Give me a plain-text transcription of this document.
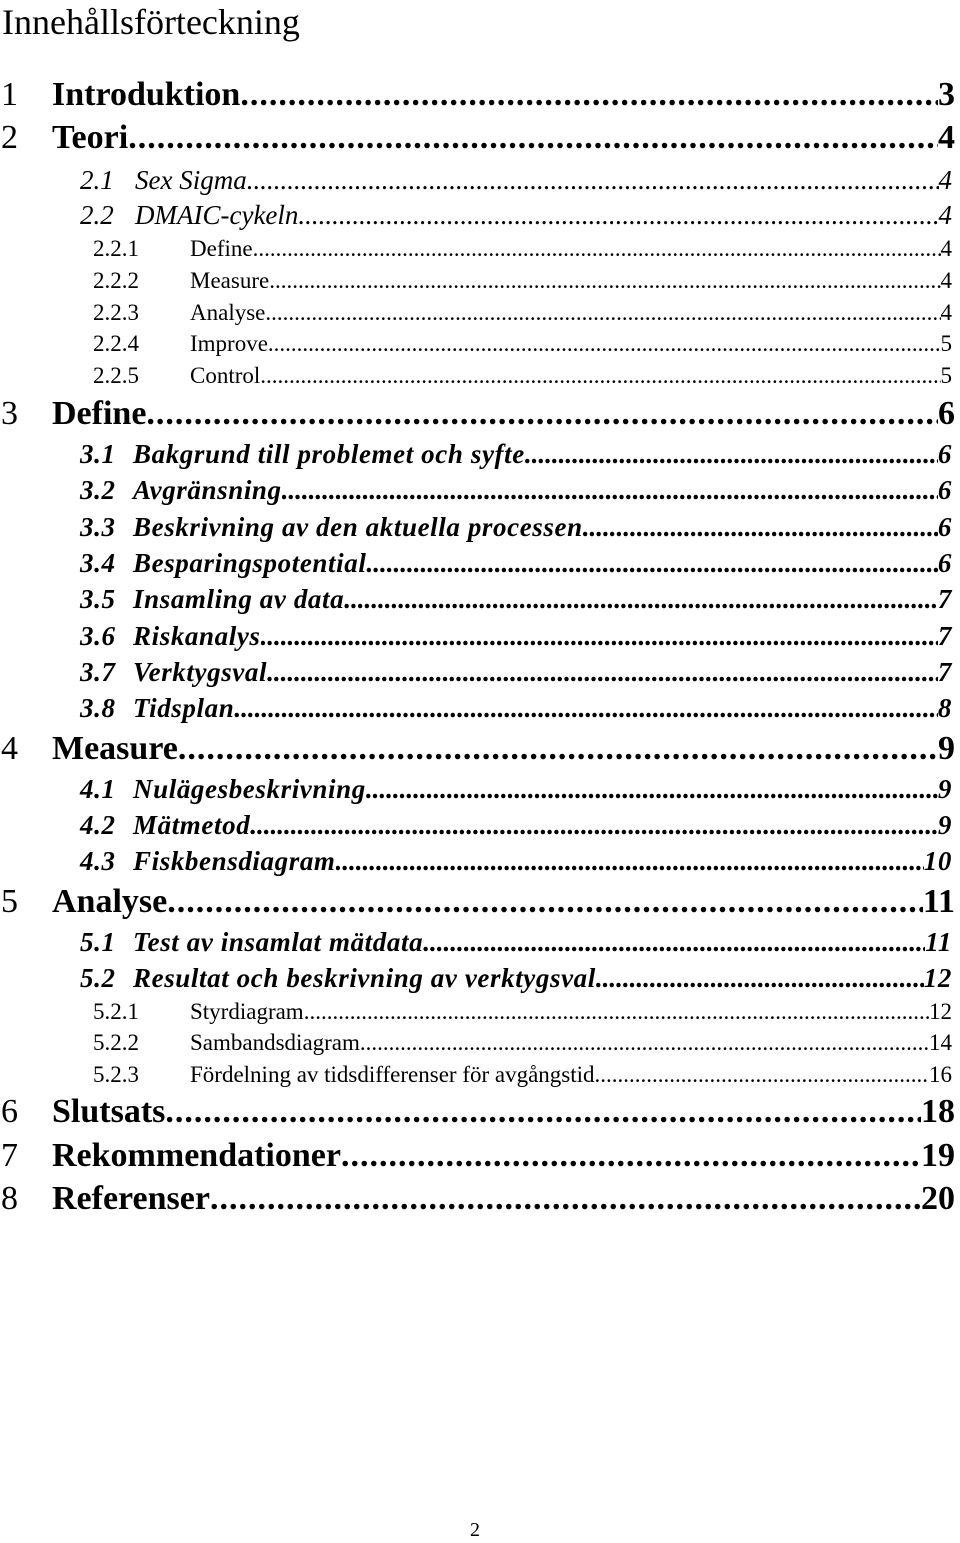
Innehållsförteckning
1	Introduktion .....	3
2	Teori .....	4
2.1 Sex Sigma .....	4
2.2 DMAIC-cykeln .....	4
2.2.1	Define .....	4
2.2.2	Measure .....	4
2.2.3	Analyse .....	4
2.2.4	Improve .....	5
2.2.5	Control .....	5
3	Define .....	6
3.1 Bakgrund till problemet och syfte .....	6
3.2 Avgränsning .....	6
3.3 Beskrivning av den aktuella processen .....	6
3.4 Besparingspotential .....	6
3.5 Insamling av data .....	7
3.6 Riskanalys .....	7
3.7 Verktygsval .....	7
3.8 Tidsplan .....	8
4	Measure .....	9
4.1 Nulägesbeskrivning .....	9
4.2 Mätmetod .....	9
4.3 Fiskbensdiagram .....	10
5	Analyse .....	11
5.1 Test av insamlat mätdata .....	11
5.2 Resultat och beskrivning av verktygsval .....	12
5.2.1	Styrdiagram .....	12
5.2.2	Sambandsdiagram .....	14
5.2.3	Fördelning av tidsdifferenser för avgångstid .....	16
6	Slutsats .....	18
7	Rekommendationer .....	19
8	Referenser .....	20
2
